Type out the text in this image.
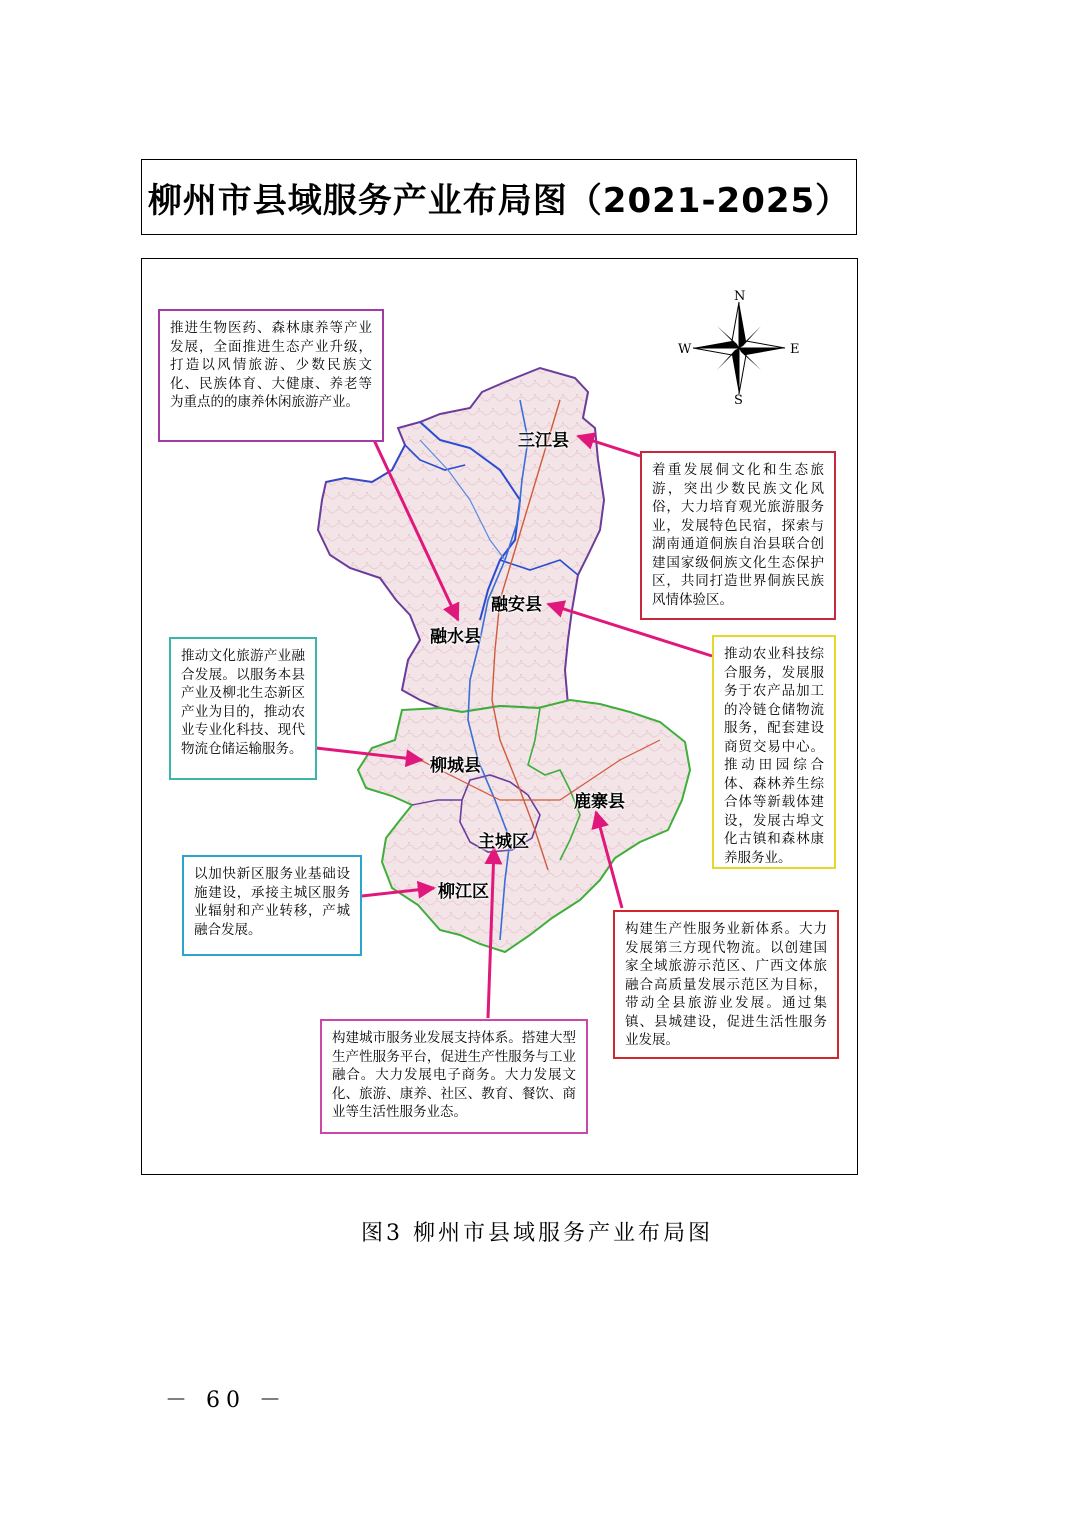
柳州市县域服务产业布局图（2021-2025）
N
S
W	E
三江县
融安县
融水县
柳城县
鹿寨县
主城区
柳江区
推进生物医药、森林康养等产业发展，全面推进生态产业升级，打造以风情旅游、少数民族文化、民族体育、大健康、养老等为重点的的康养休闲旅游产业。
着重发展侗文化和生态旅游，突出少数民族文化风俗，大力培育观光旅游服务业，发展特色民宿，探索与湖南通道侗族自治县联合创建国家级侗族文化生态保护区，共同打造世界侗族民族风情体验区。
推动文化旅游产业融合发展。以服务本县产业及柳北生态新区产业为目的，推动农业专业化科技、现代物流仓储运输服务。
推动农业科技综合服务，发展服务于农产品加工的冷链仓储物流服务，配套建设商贸交易中心。推动田园综合体、森林养生综合体等新载体建设，发展古埠文化古镇和森林康养服务业。
以加快新区服务业基础设施建设，承接主城区服务业辐射和产业转移，产城融合发展。	构建生产性服务业新体系。大力发展第三方现代物流。以创建国家全域旅游示范区、广西文体旅融合高质量发展示范区为目标，带动全县旅游业发展。通过集镇、县城建设，促进生活性服务业发展。
构建城市服务业发展支持体系。搭建大型生产性服务平台，促进生产性服务与工业融合。大力发展电子商务。大力发展文化、旅游、康养、社区、教育、餐饮、商业等生活性服务业态。
图3 柳州市县域服务产业布局图
－ 60 －
